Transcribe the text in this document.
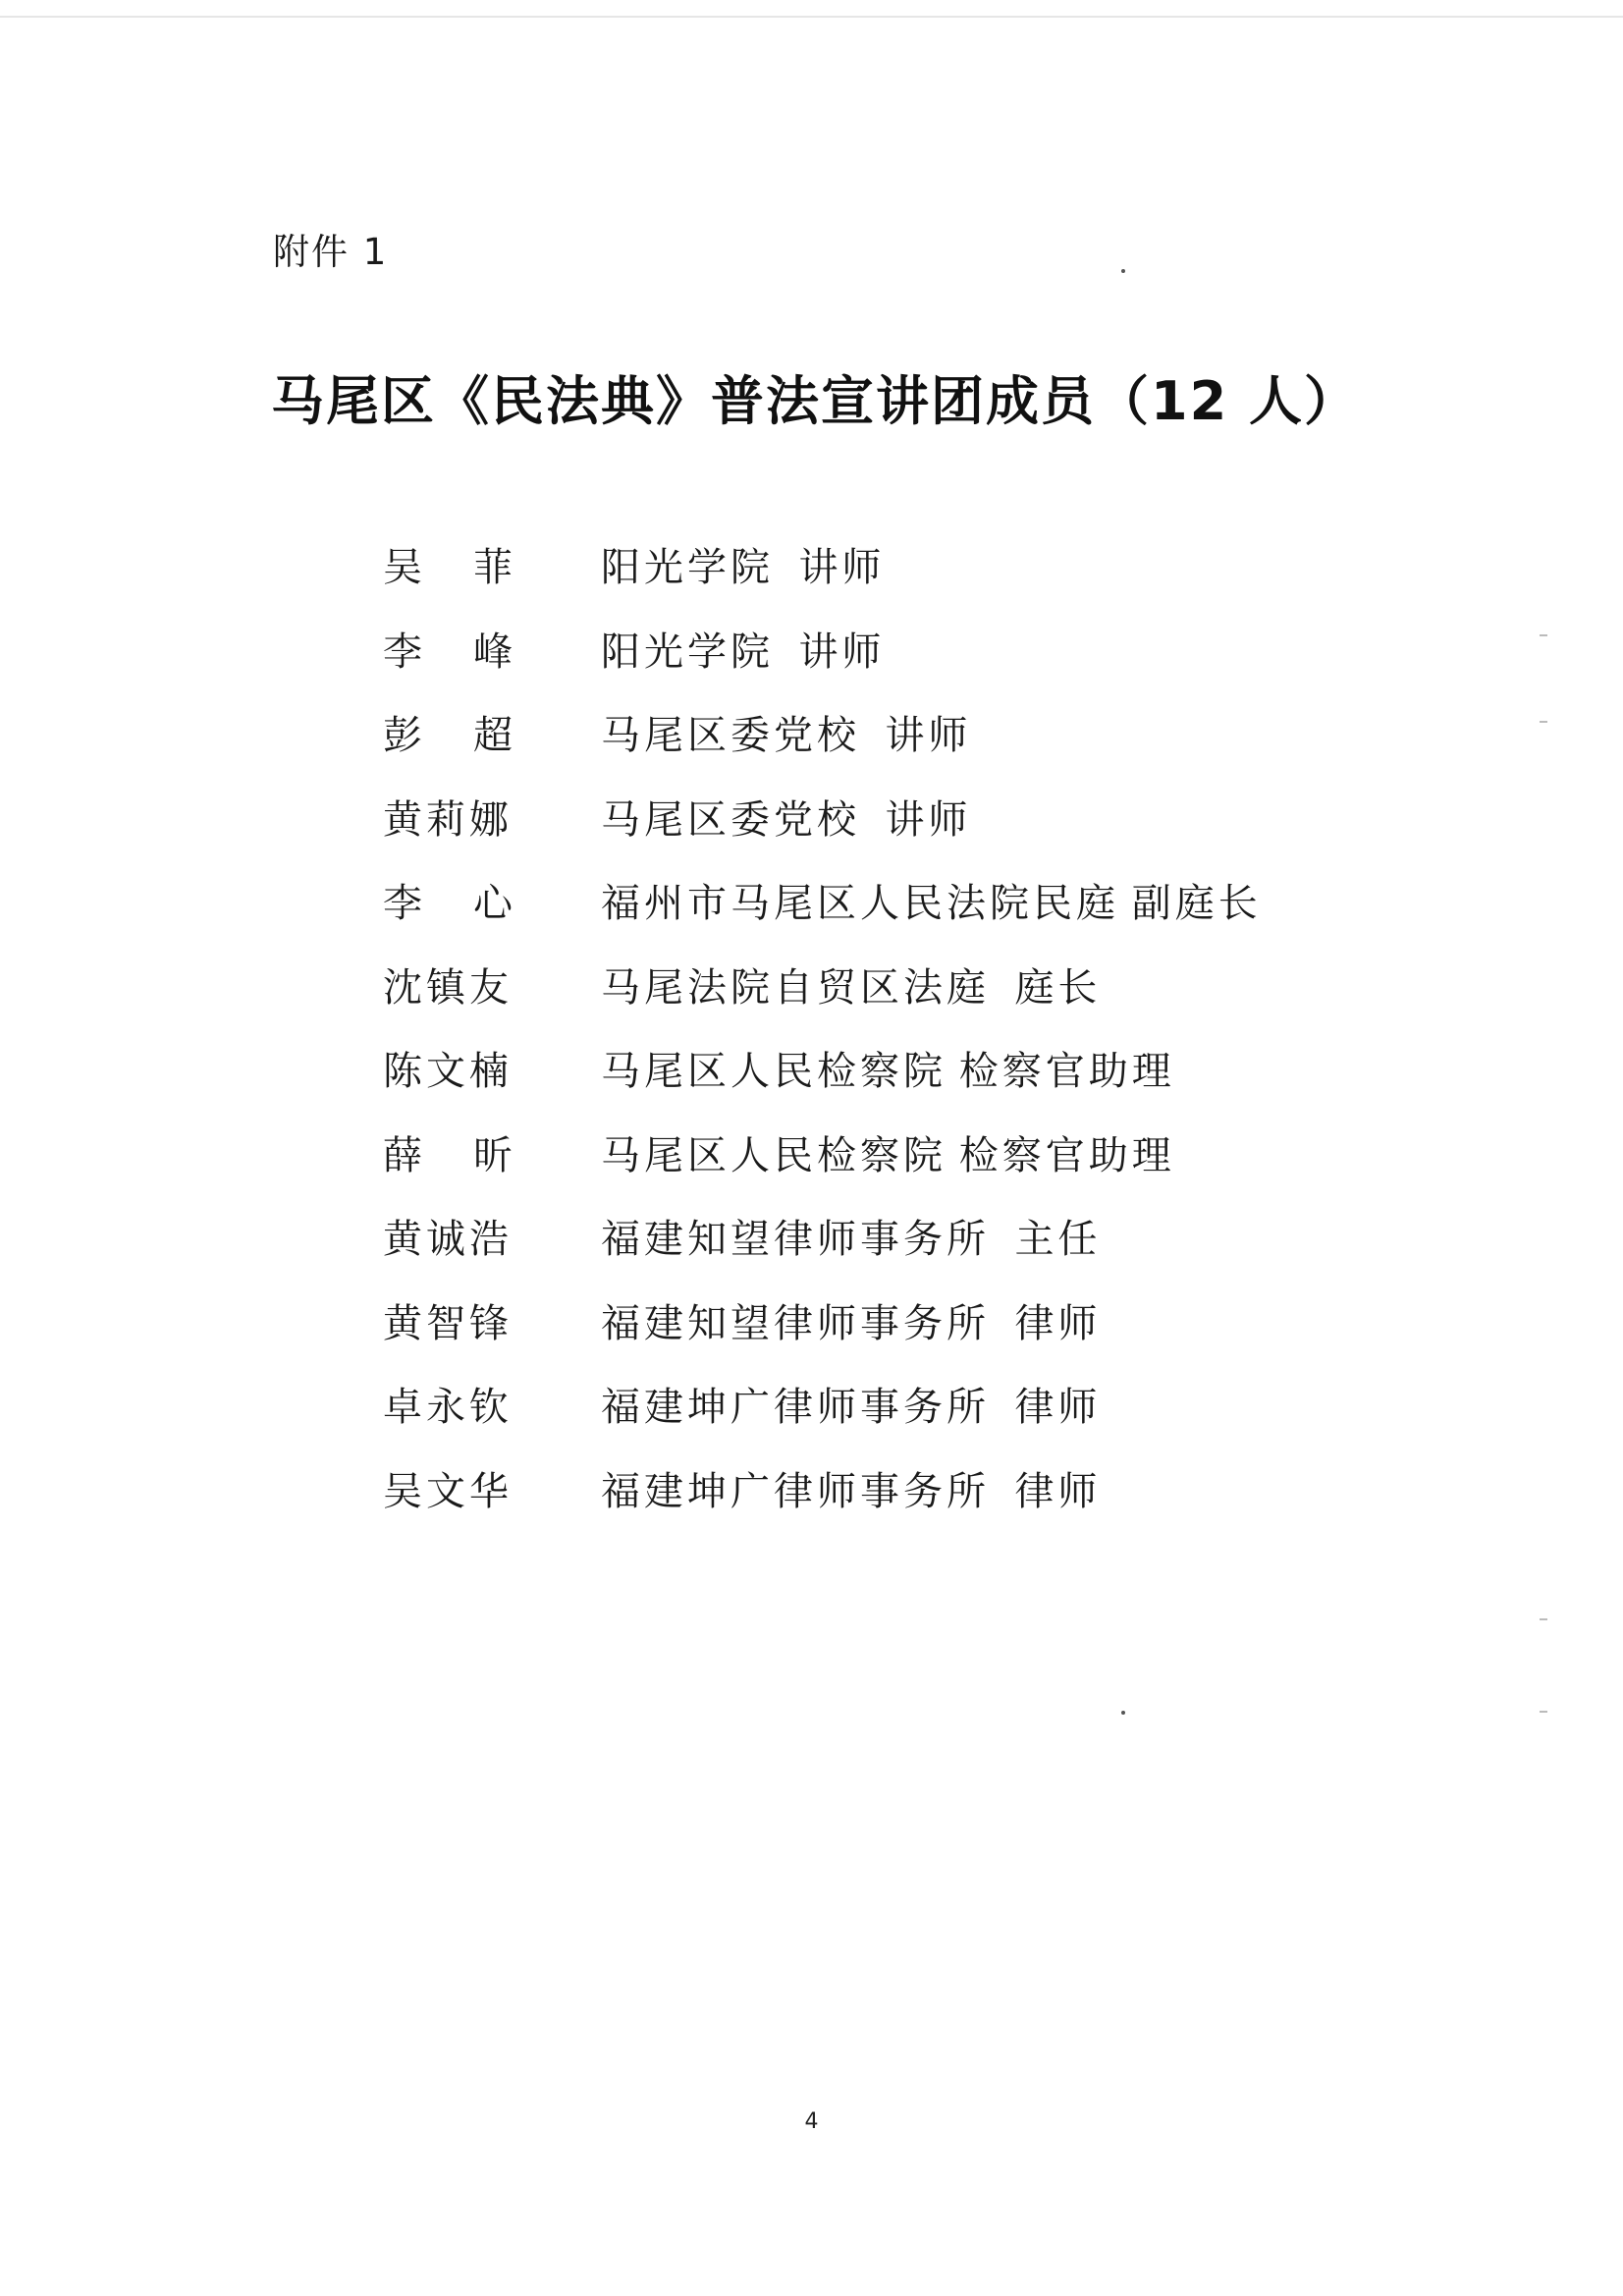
附件 1
马尾区《民法典》普法宣讲团成员（12 人）
吴 菲 阳光学院
讲师
李 峰 阳光学院
讲师
彭 超 马尾区委党校
讲师
黄莉娜 马尾区委党校
讲师
李 心 福州市马尾区人民法院民庭
副庭长
沈镇友 马尾法院自贸区法庭
庭长
陈文楠 马尾区人民检察院
检察官助理
薛 昕 马尾区人民检察院
检察官助理
黄诚浩 福建知望律师事务所
主任
黄智锋 福建知望律师事务所
律师
卓永钦 福建坤广律师事务所
律师
吴文华 福建坤广律师事务所
律师
4
